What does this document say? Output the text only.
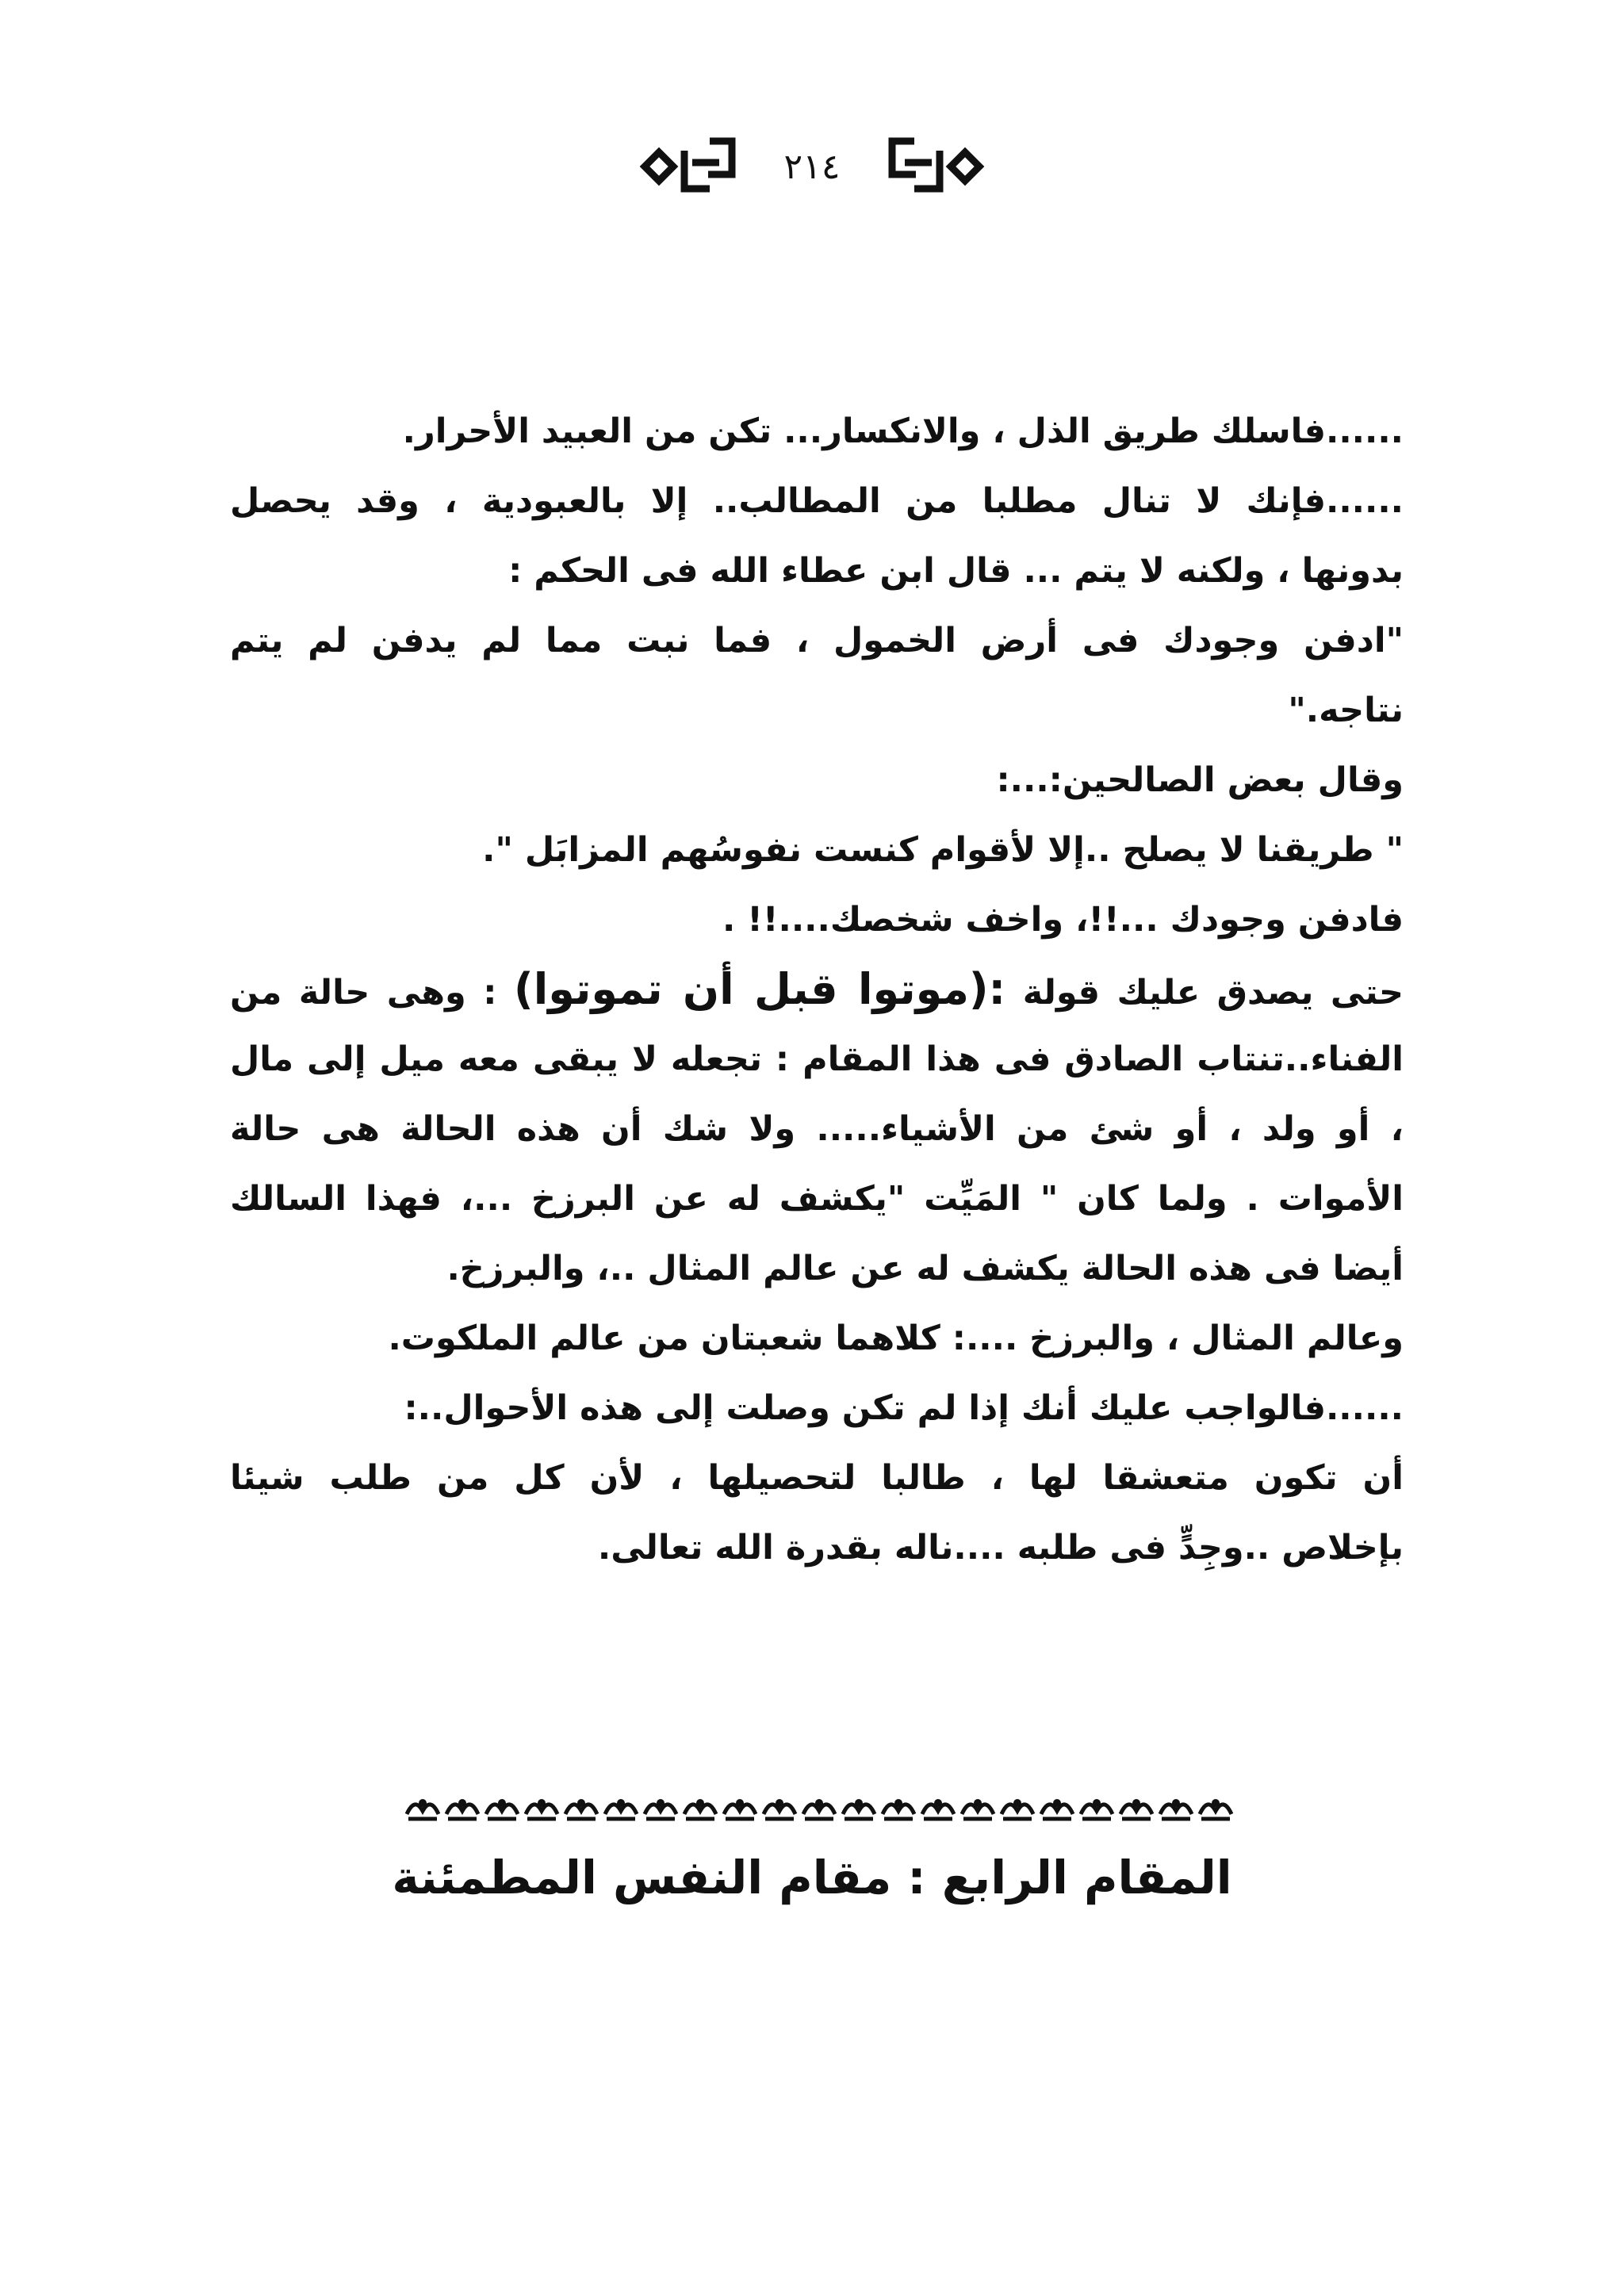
٢١٤
......فاسلك طريق الذل ، والانكسار... تكن من العبيد الأحرار.
......فإنك لا تنال مطلبا من المطالب.. إلا بالعبودية ، وقد يحصل
بدونها ، ولكنه لا يتم ... قال ابن عطاء الله فى الحكم :
"ادفن وجودك فى أرض الخمول ، فما نبت مما لم يدفن لم يتم
نتاجه."
وقال بعض الصالحين:...:
" طريقنا لا يصلح ..إلا لأقوام كنست نفوسُهم المزابَل ".
فادفن وجودك ...!!، واخف شخصك....!! .
حتى يصدق عليك قولة :(موتوا قبل أن تموتوا) : وهى حالة من
الفناء..تنتاب الصادق فى هذا المقام : تجعله لا يبقى معه ميل إلى مال
، أو ولد ، أو شئ من الأشياء..... ولا شك أن هذه الحالة هى حالة
الأموات . ولما كان " المَيِّت "يكشف له عن البرزخ ...، فهذا السالك
أيضا فى هذه الحالة يكشف له عن عالم المثال ..، والبرزخ.
وعالم المثال ، والبرزخ ....: كلاهما شعبتان من عالم الملكوت.
......فالواجب عليك أنك إذا لم تكن وصلت إلى هذه الأحوال..:
أن تكون متعشقا لها ، طالبا لتحصيلها ، لأن كل من طلب شيئا
بإخلاص ..وجِدٍّ فى طلبه ....ناله بقدرة الله تعالى.
المقام الرابع : مقام النفس المطمئنة
